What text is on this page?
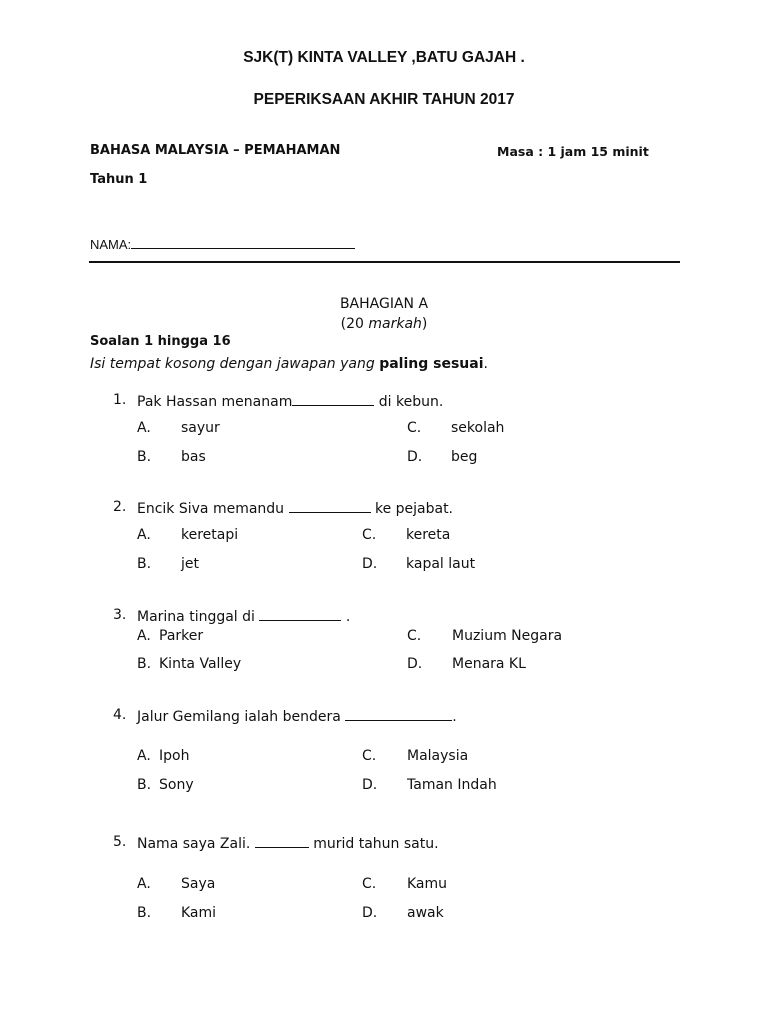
SJK(T) KINTA VALLEY ,BATU GAJAH .
PEPERIKSAAN AKHIR TAHUN 2017
BAHASA MALAYSIA – PEMAHAMAN	Masa : 1 jam 15 minit
Tahun 1
NAMA:
BAHAGIAN A
(20 markah)
Soalan 1 hingga 16
Isi tempat kosong dengan jawapan yang paling sesuai.
1. Pak Hassan menanam	di kebun.
A. sayur
B. bas
C. sekolah
D. beg
2. Encik Siva memandu	ke pejabat.
A. keretapi
B. jet
C. kereta
D. kapal laut
3. Marina tinggal di	.
A. Parker
B. Kinta Valley
C. Muzium Negara
D. Menara KL
4. Jalur Gemilang ialah bendera	.
A. Ipoh
B. Sony
C. Malaysia
D. Taman Indah
5. Nama saya Zali.	murid tahun satu.
A. Saya
B. Kami
C. Kamu
D. awak
